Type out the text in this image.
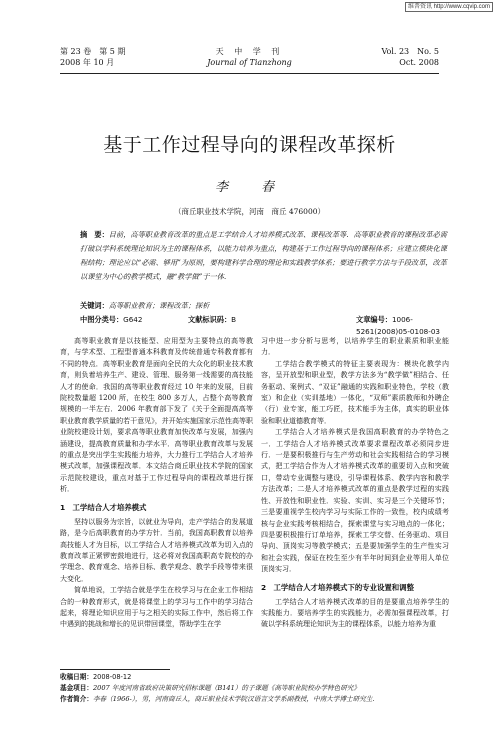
维普资讯 http://www.cqvip.com
第 23 卷　第 5 期
2008 年 10 月
天 中 学 刊
Journal of Tianzhong
Vol. 23　No. 5
Oct. 2008
基于工作过程导向的课程改革探析
李　春
（商丘职业技术学院，河南　商丘 476000）
摘　要：目前，高等职业教育改革的重点是工学结合人才培养模式改革、课程改革等．高等职业教育的课程改革必需打破以学科系统理论知识为主的课程体系，以能力培养为重点，构建基于工作过程导向的课程体系；应建立模块化课程结构；理论应以“必需、够用”为原则，要构建科学合理的理论和实践教学体系；要进行教学方法与手段改革，改革以课堂为中心的教学模式，融“教学做”于一体．
关键词：高等职业教育；课程改革；探析
中图分类号：G642	文献标识码：B	文章编号：1006-5261(2008)05-0108-03

高等职业教育是以技能型、应用型为主要特点的高等教育，与学术型、工程型普通本科教育及传统普通专科教育都有不同的特点．高等职业教育是面向全民的大众化的职业技术教育，则负着培养生产、建设、管理、服务第一线需要的高技能人才的使命．我国的高等职业教育经过 10 年来的发展，目前院校数量超 1200 所，在校生 800 多万人，占整个高等教育规模的一半左右．2006 年教育部下发了《关于全面提高高等职业教育教学质量的若干意见》，并开始实施国家示范性高等职业院校建设计划，要求高等职业教育加快改革与发展，加强内涵建设，提高教育质量和办学水平．高等职业教育改革与发展的重点是突出学生实践能力培养，大力推行工学结合人才培养模式改革，加强课程改革．本文结合商丘职业技术学院的国家示范院校建设，重点对基于工作过程导向的课程改革进行探析．

1　工学结合人才培养模式

坚持以服务为宗旨，以就业为导向，走产学结合的发展道路，是今后高职教育的办学方针．当前，我国高职教育以培养高技能人才为目标，以工学结合人才培养模式改革为切入点的教育改革正紧锣密鼓地进行，这必将对我国高职高专院校的办学理念、教育观念、培养目标、教学观念、教学手段等带来很大变化．

简单地说，工学结合就是学生在校学习与在企业工作相结合的一种教育形式，就是将课堂上的学习与工作中的学习结合起来，将理论知识应用于与之相关的实际工作中，然后将工作中遇到的挑战和增长的见识带回课堂，帮助学生在学

习中进一步分析与思考，以培养学生的职业素质和职业能力．

工学结合教学模式的特征主要表现为：模块化教学内容，呈开放型和职业型，教学方法多为“教学做”相结合、任务驱动、案例式、“双证”融通的实践和职业特色，学校（教室）和企业（实训基地）一体化，“双师”素质教师和外聘企（行）业专家，能工巧匠，技术能手为主体，真实的职业体验和职业道德教育等．

工学结合人才培养模式是我国高职教育的办学特色之一．工学结合人才培养模式改革要求课程改革必须同步进行．一是要积极推行与生产劳动和社会实践相结合的学习模式，把工学结合作为人才培养模式改革的重要切入点和突破口，带动专业调整与建设，引导课程体系、教学内容和教学方法改革；二是人才培养模式改革的重点是教学过程的实践性、开放性和职业性．实验、实训、实习是三个关键环节；三是要重视学生校内学习与实际工作的一致性，校内成绩考核与企业实践考核相结合，探索课堂与实习地点的一体化；四是要积极推行订单培养，探索工学交替、任务驱动、项目导向、顶岗实习等教学模式；五是要加强学生的生产性实习和社会实践，保证在校生至少有半年时间到企业等用人单位顶岗实习．

2　工学结合人才培养模式下的专业设置和调整

工学结合人才培养模式改革的目的是要重点培养学生的实践能力．要培养学生的实践能力，必需加强课程改革，打破以学科系统理论知识为主的课程体系，以能力培养为重

收稿日期：2008-08-12
基金项目：2007 年度河南省政府决策研究招标课题（B141）的子课题《高等职业院校办学特色研究》
作者简介：李春（1966-），男，河南商丘人，商丘职业技术学院汉语言文学系副教授，中南大学博士研究生．
